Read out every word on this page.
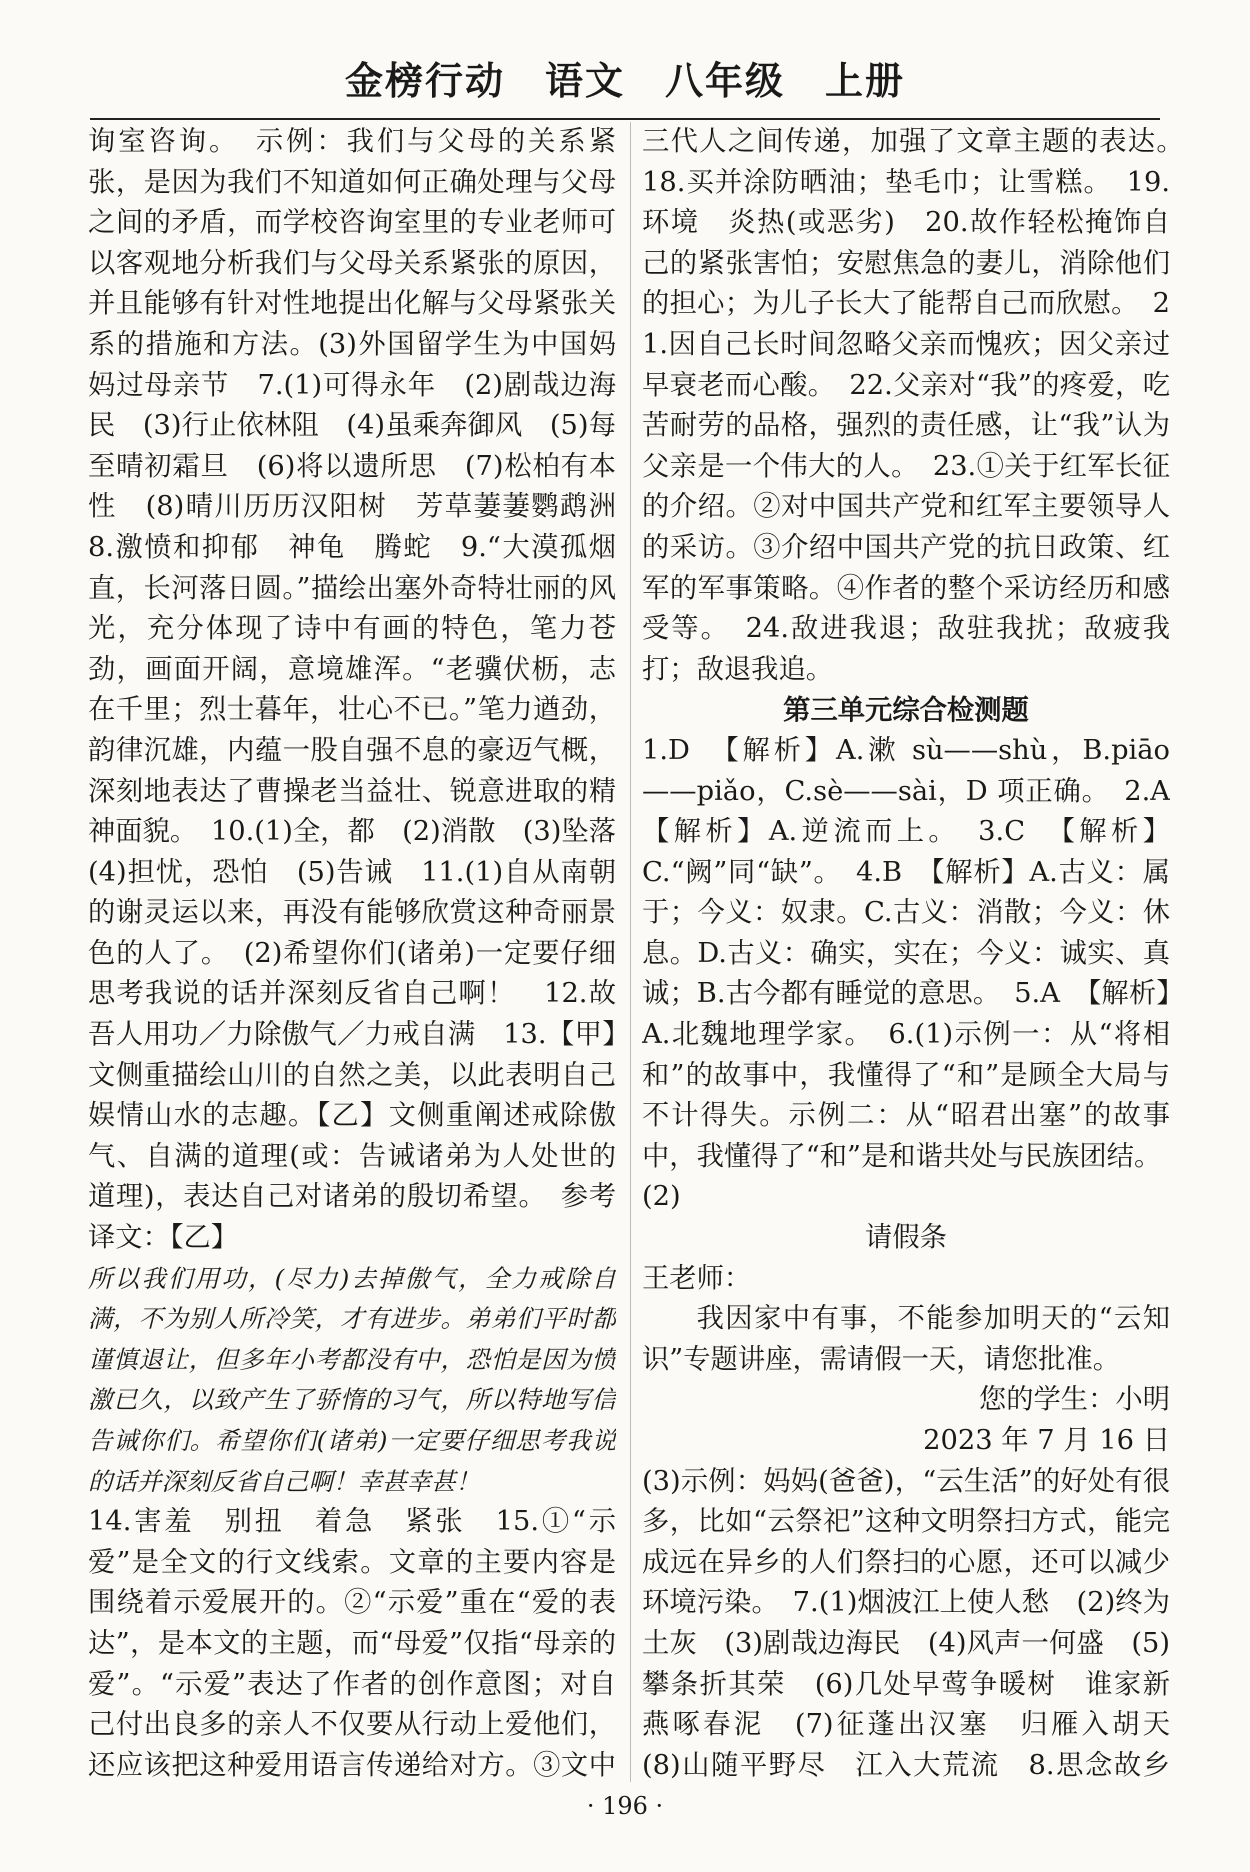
金榜行动　语文　八年级　上册

询室咨询。　示例：我们与父母的关系紧张，是因为我们不知道如何正确处理与父母之间的矛盾，而学校咨询室里的专业老师可以客观地分析我们与父母关系紧张的原因，并且能够有针对性地提出化解与父母紧张关系的措施和方法。(3)外国留学生为中国妈妈过母亲节　7.(1)可得永年　(2)剧哉边海民　(3)行止依林阻　(4)虽乘奔御风　(5)每至晴初霜旦　(6)将以遗所思　(7)松柏有本性　(8)晴川历历汉阳树　芳草萋萋鹦鹉洲　8.激愤和抑郁　神龟　腾蛇　9.“大漠孤烟直，长河落日圆。”描绘出塞外奇特壮丽的风光，充分体现了诗中有画的特色，笔力苍劲，画面开阔，意境雄浑。“老骥伏枥，志在千里；烈士暮年，壮心不已。”笔力遒劲，韵律沉雄，内蕴一股自强不息的豪迈气概，深刻地表达了曹操老当益壮、锐意进取的精神面貌。　10.(1)全，都　(2)消散　(3)坠落　(4)担忧，恐怕　(5)告诫　11.(1)自从南朝的谢灵运以来，再没有能够欣赏这种奇丽景色的人了。　(2)希望你们(诸弟)一定要仔细思考我说的话并深刻反省自己啊！　12.故吾人用功／力除傲气／力戒自满　13.【甲】文侧重描绘山川的自然之美，以此表明自己娱情山水的志趣。【乙】文侧重阐述戒除傲气、自满的道理(或：告诫诸弟为人处世的道理)，表达自己对诸弟的殷切希望。　参考译文：【乙】

所以我们用功，(尽力)去掉傲气，全力戒除自满，不为别人所冷笑，才有进步。弟弟们平时都谨慎退让，但多年小考都没有中，恐怕是因为愤激已久，以致产生了骄惰的习气，所以特地写信告诫你们。希望你们(诸弟)一定要仔细思考我说的话并深刻反省自己啊！幸甚幸甚！

14.害羞　别扭　着急　紧张　15.①“示爱”是全文的行文线索。文章的主要内容是围绕着示爱展开的。②“示爱”重在“爱的表达”，是本文的主题，而“母爱”仅指“母亲的爱”。“示爱”表达了作者的创作意图；对自己付出良多的亲人不仅要从行动上爱他们，还应该把这种爱用语言传递给对方。③文中　　

三代人之间传递，加强了文章主题的表达。　18.买并涂防晒油；垫毛巾；让雪糕。　19.环境　炎热(或恶劣)　20.故作轻松掩饰自己的紧张害怕；安慰焦急的妻儿，消除他们的担心；为儿子长大了能帮自己而欣慰。　21.因自己长时间忽略父亲而愧疚；因父亲过早衰老而心酸。　22.父亲对“我”的疼爱，吃苦耐劳的品格，强烈的责任感，让“我”认为父亲是一个伟大的人。　23.①关于红军长征的介绍。②对中国共产党和红军主要领导人的采访。③介绍中国共产党的抗日政策、红军的军事策略。④作者的整个采访经历和感受等。　24.敌进我退；敌驻我扰；敌疲我打；敌退我追。

第三单元综合检测题

1.D　【解析】A.漱 sù——shù，B.piāo——piǎo，C.sè——sài，D 项正确。　2.A　【解析】A.逆流而上。　3.C　【解析】C.“阙”同“缺”。　4.B　【解析】A.古义：属于；今义：奴隶。C.古义：消散；今义：休息。D.古义：确实，实在；今义：诚实、真诚；B.古今都有睡觉的意思。　5.A　【解析】A.北魏地理学家。　6.(1)示例一：从“将相和”的故事中，我懂得了“和”是顾全大局与不计得失。示例二：从“昭君出塞”的故事中，我懂得了“和”是和谐共处与民族团结。

(2)

请假条

王老师：

我因家中有事，不能参加明天的“云知识”专题讲座，需请假一天，请您批准。

您的学生：小明

2023 年 7 月 16 日

(3)示例：妈妈(爸爸)，“云生活”的好处有很多，比如“云祭祀”这种文明祭扫方式，能完成远在异乡的人们祭扫的心愿，还可以减少环境污染。　7.(1)烟波江上使人愁　(2)终为土灰　(3)剧哉边海民　(4)风声一何盛　(5)攀条折其荣　(6)几处早莺争暖树　谁家新燕啄春泥　(7)征蓬出汉塞　归雁入胡天　(8)山随平野尽　江入大荒流　8.思念故乡　　　　　　　　

· 196 ·
